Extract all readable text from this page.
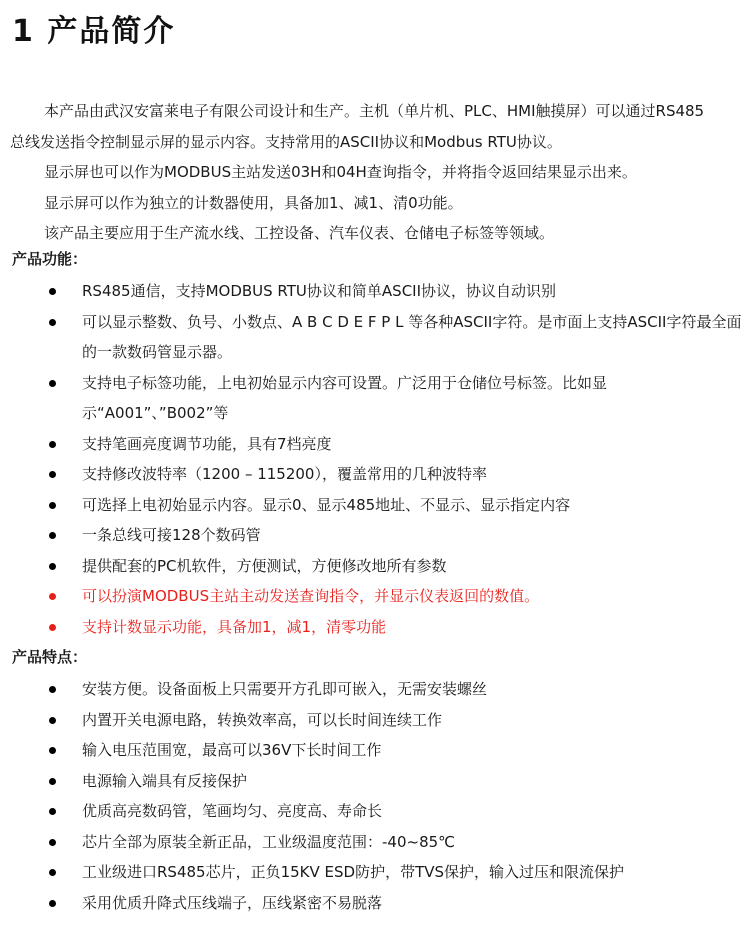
1 产品简介

本产品由武汉安富莱电子有限公司设计和生产。主机（单片机、PLC、HMI触摸屏）可以通过RS485

总线发送指令控制显示屏的显示内容。支持常用的ASCII协议和Modbus RTU协议。

显示屏也可以作为MODBUS主站发送03H和04H查询指令，并将指令返回结果显示出来。

显示屏可以作为独立的计数器使用，具备加1、减1、清0功能。

该产品主要应用于生产流水线、工控设备、汽车仪表、仓储电子标签等领域。

产品功能：
RS485通信，支持MODBUS RTU协议和简单ASCII协议，协议自动识别
可以显示整数、负号、小数点、A B C D E F P L 等各种ASCII字符。是市面上支持ASCII字符最全面的一款数码管显示器。
支持电子标签功能，上电初始显示内容可设置。广泛用于仓储位号标签。比如显示“A001”、”B002”等
支持笔画亮度调节功能，具有7档亮度
支持修改波特率（1200 – 115200），覆盖常用的几种波特率
可选择上电初始显示内容。显示0、显示485地址、不显示、显示指定内容
一条总线可接128个数码管
提供配套的PC机软件，方便测试，方便修改地所有参数
可以扮演MODBUS主站主动发送查询指令，并显示仪表返回的数值。
支持计数显示功能，具备加1，减1，清零功能
产品特点：
安装方便。设备面板上只需要开方孔即可嵌入，无需安装螺丝
内置开关电源电路，转换效率高，可以长时间连续工作
输入电压范围宽，最高可以36V下长时间工作
电源输入端具有反接保护
优质高亮数码管，笔画均匀、亮度高、寿命长
芯片全部为原装全新正品，工业级温度范围：-40~85℃
工业级进口RS485芯片，正负15KV ESD防护，带TVS保护，输入过压和限流保护
采用优质升降式压线端子，压线紧密不易脱落
